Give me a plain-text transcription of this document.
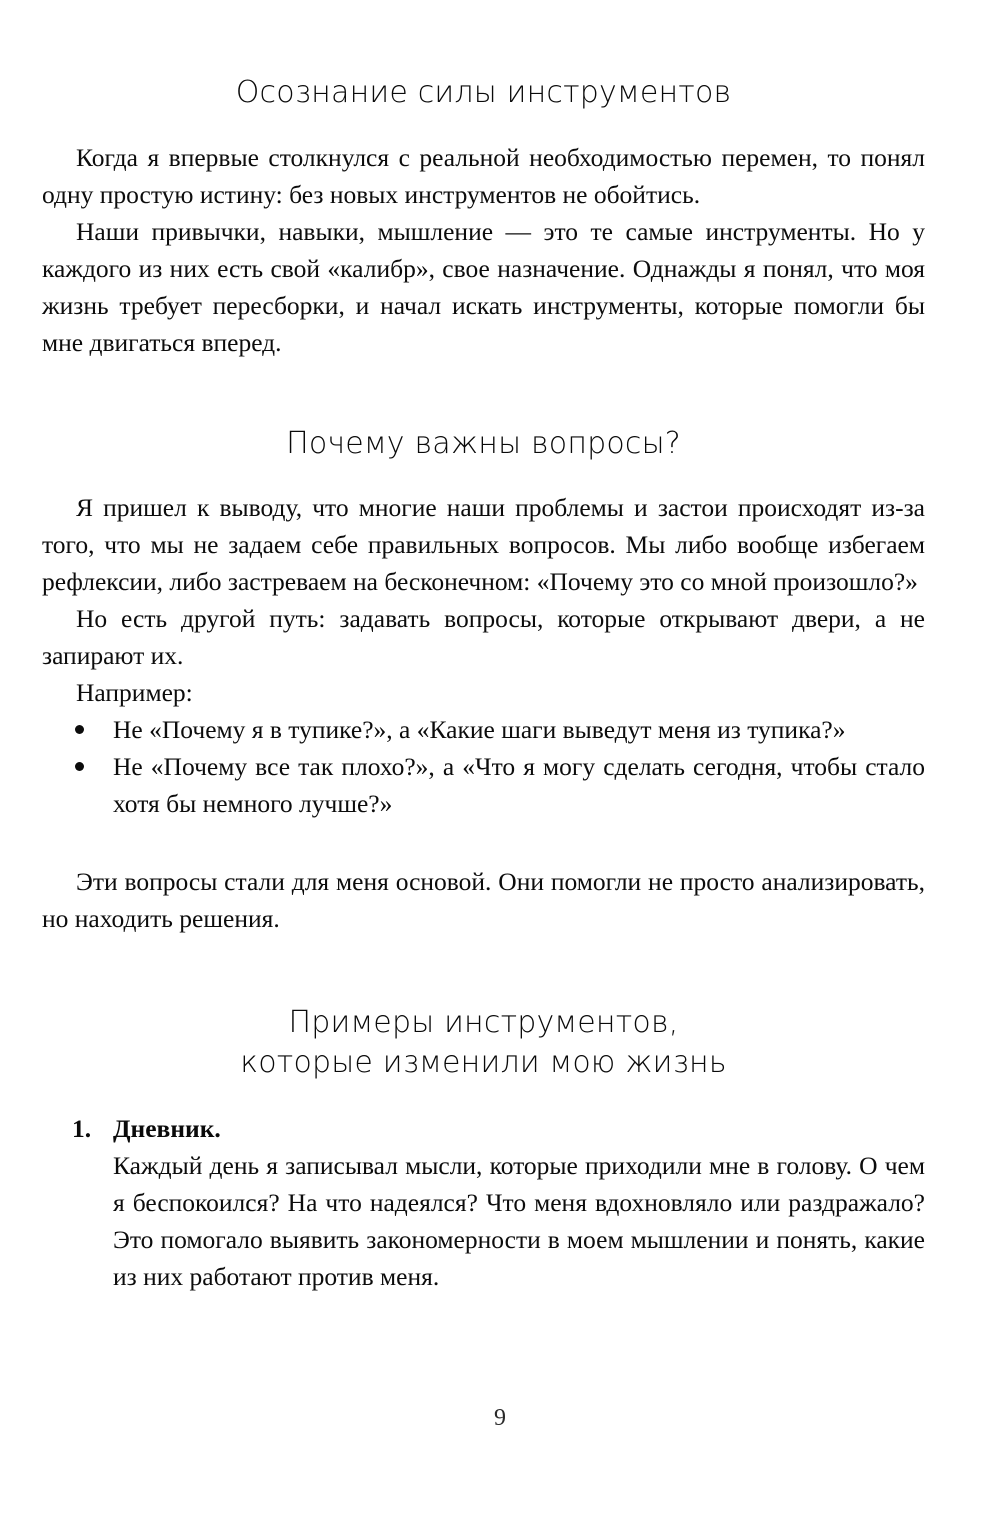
Осознание силы инструментов

Когда я впервые столкнулся с реальной необходимостью перемен, то понял одну простую истину: без новых инструментов не обойтись.

Наши привычки, навыки, мышление — это те самые инструменты. Но у каждого из них есть свой «калибр», свое назначение. Однажды я понял, что моя жизнь требует пересборки, и начал искать инструменты, которые помогли бы мне двигаться вперед.

Почему важны вопросы?

Я пришел к выводу, что многие наши проблемы и застои происходят из-за того, что мы не задаем себе правильных вопросов. Мы либо вообще избегаем рефлексии, либо застреваем на бесконечном: «Почему это со мной произошло?»

Но есть другой путь: задавать вопросы, которые открывают двери, а не запирают их.

Например:

Не «Почему я в тупике?», а «Какие шаги выведут меня из тупика?»
Не «Почему все так плохо?», а «Что я могу сделать сегодня, чтобы стало хотя бы немного лучше?»

Эти вопросы стали для меня основой. Они помогли не просто анализировать, но находить решения.

Примеры инструментов,
которые изменили мою жизнь
1. Дневник.

Каждый день я записывал мысли, которые приходили мне в голову. О чем я беспокоился? На что надеялся? Что меня вдохновляло или раздражало? Это помогало выявить закономерности в моем мышлении и понять, какие из них работают против меня.

9
